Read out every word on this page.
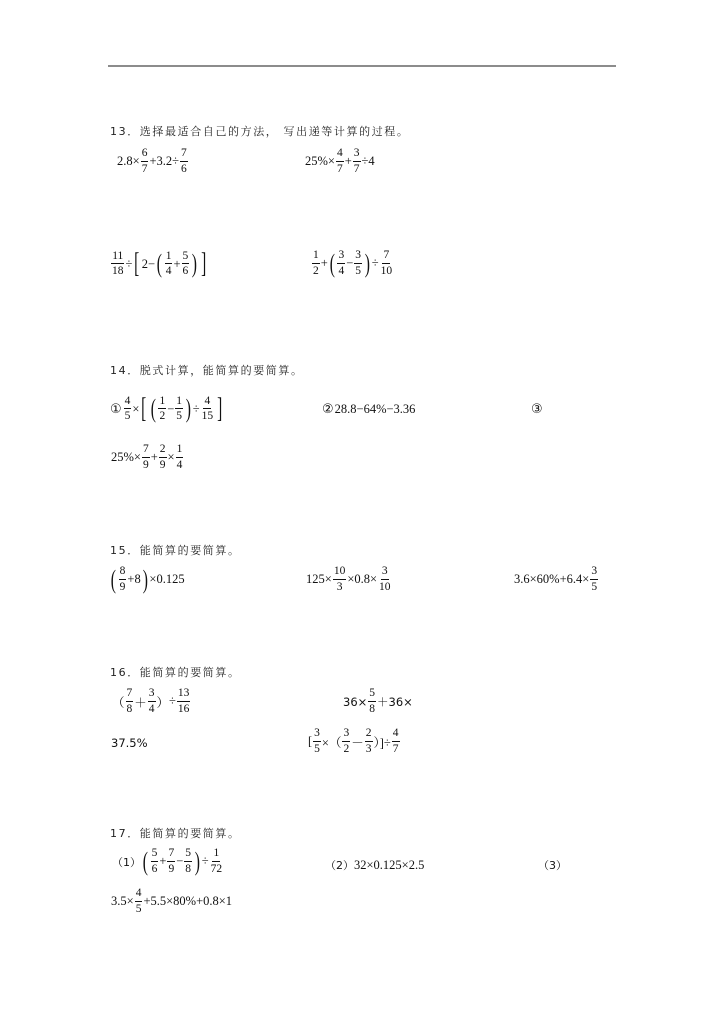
13．选择最适合自己的方法， 写出递等计算的过程。
$2.8\times \frac{6}{7} +3.2\div \frac{7}{6}$	$25\%\times \frac{4}{7} + \frac{3}{7} \div 4$
$\frac{11}{18}$ ÷ [ 2− ( $\frac{1}{4} + \frac{5}{6}$ ) ]	$\frac{1}{2}$ + ( $\frac{3}{4} - \frac{3}{5}$ ) ÷ $\frac{7}{10}$
14．脱式计算，能简算的要简算。
① $\frac{4}{5}$ × [ ( $\frac{1}{2} - \frac{1}{5}$ ) ÷ $\frac{4}{15}$ ]	② 28.8−64%−3.36	③
$25\%\times \frac{7}{9} + \frac{2}{9} \times \frac{1}{4}$
15．能简算的要简算。
( $\frac{8}{9} +8$ ) ×0.125	$125\times \frac{10}{3} \times 0.8\times \frac{3}{10}$	$3.6\times 60\%+6.4\times \frac{3}{5}$
16．能简算的要简算。
（ $\frac{7}{8} + \frac{3}{4}$ ） ÷ $\frac{13}{16}$	$36\times \frac{5}{8} +36\times$
37.5%	[ $\frac{3}{5}$ ×（ $\frac{3}{2} - \frac{2}{3}$ ）]÷ $\frac{4}{7}$
17．能简算的要简算。
（1） ( $\frac{5}{6} + \frac{7}{9} - \frac{5}{8}$ ) ÷ $\frac{1}{72}$	（2） 32×0.125×2.5	（3）
$3.5\times \frac{4}{5} +5.5\times 80\%+0.8\times 1$
